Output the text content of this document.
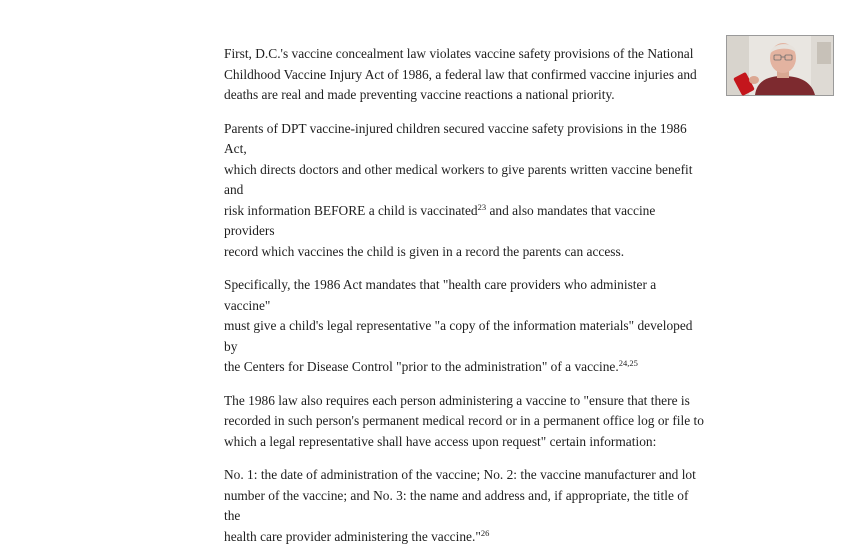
First, D.C.'s vaccine concealment law violates vaccine safety provisions of the National
Childhood Vaccine Injury Act of 1986, a federal law that confirmed vaccine injuries and
deaths are real and made preventing vaccine reactions a national priority.

Parents of DPT vaccine-injured children secured vaccine safety provisions in the 1986 Act,
which directs doctors and other medical workers to give parents written vaccine benefit and
risk information BEFORE a child is vaccinated$^{23}$ and also mandates that vaccine providers
record which vaccines the child is given in a record the parents can access.

Specifically, the 1986 Act mandates that "health care providers who administer a vaccine"
must give a child's legal representative "a copy of the information materials" developed by
the Centers for Disease Control "prior to the administration" of a vaccine.$^{24,25}$

The 1986 law also requires each person administering a vaccine to "ensure that there is
recorded in such person's permanent medical record or in a permanent office log or file to
which a legal representative shall have access upon request" certain information:

No. 1: the date of administration of the vaccine; No. 2: the vaccine manufacturer and lot
number of the vaccine; and No. 3: the name and address and, if appropriate, the title of the
health care provider administering the vaccine."$^{26}$
